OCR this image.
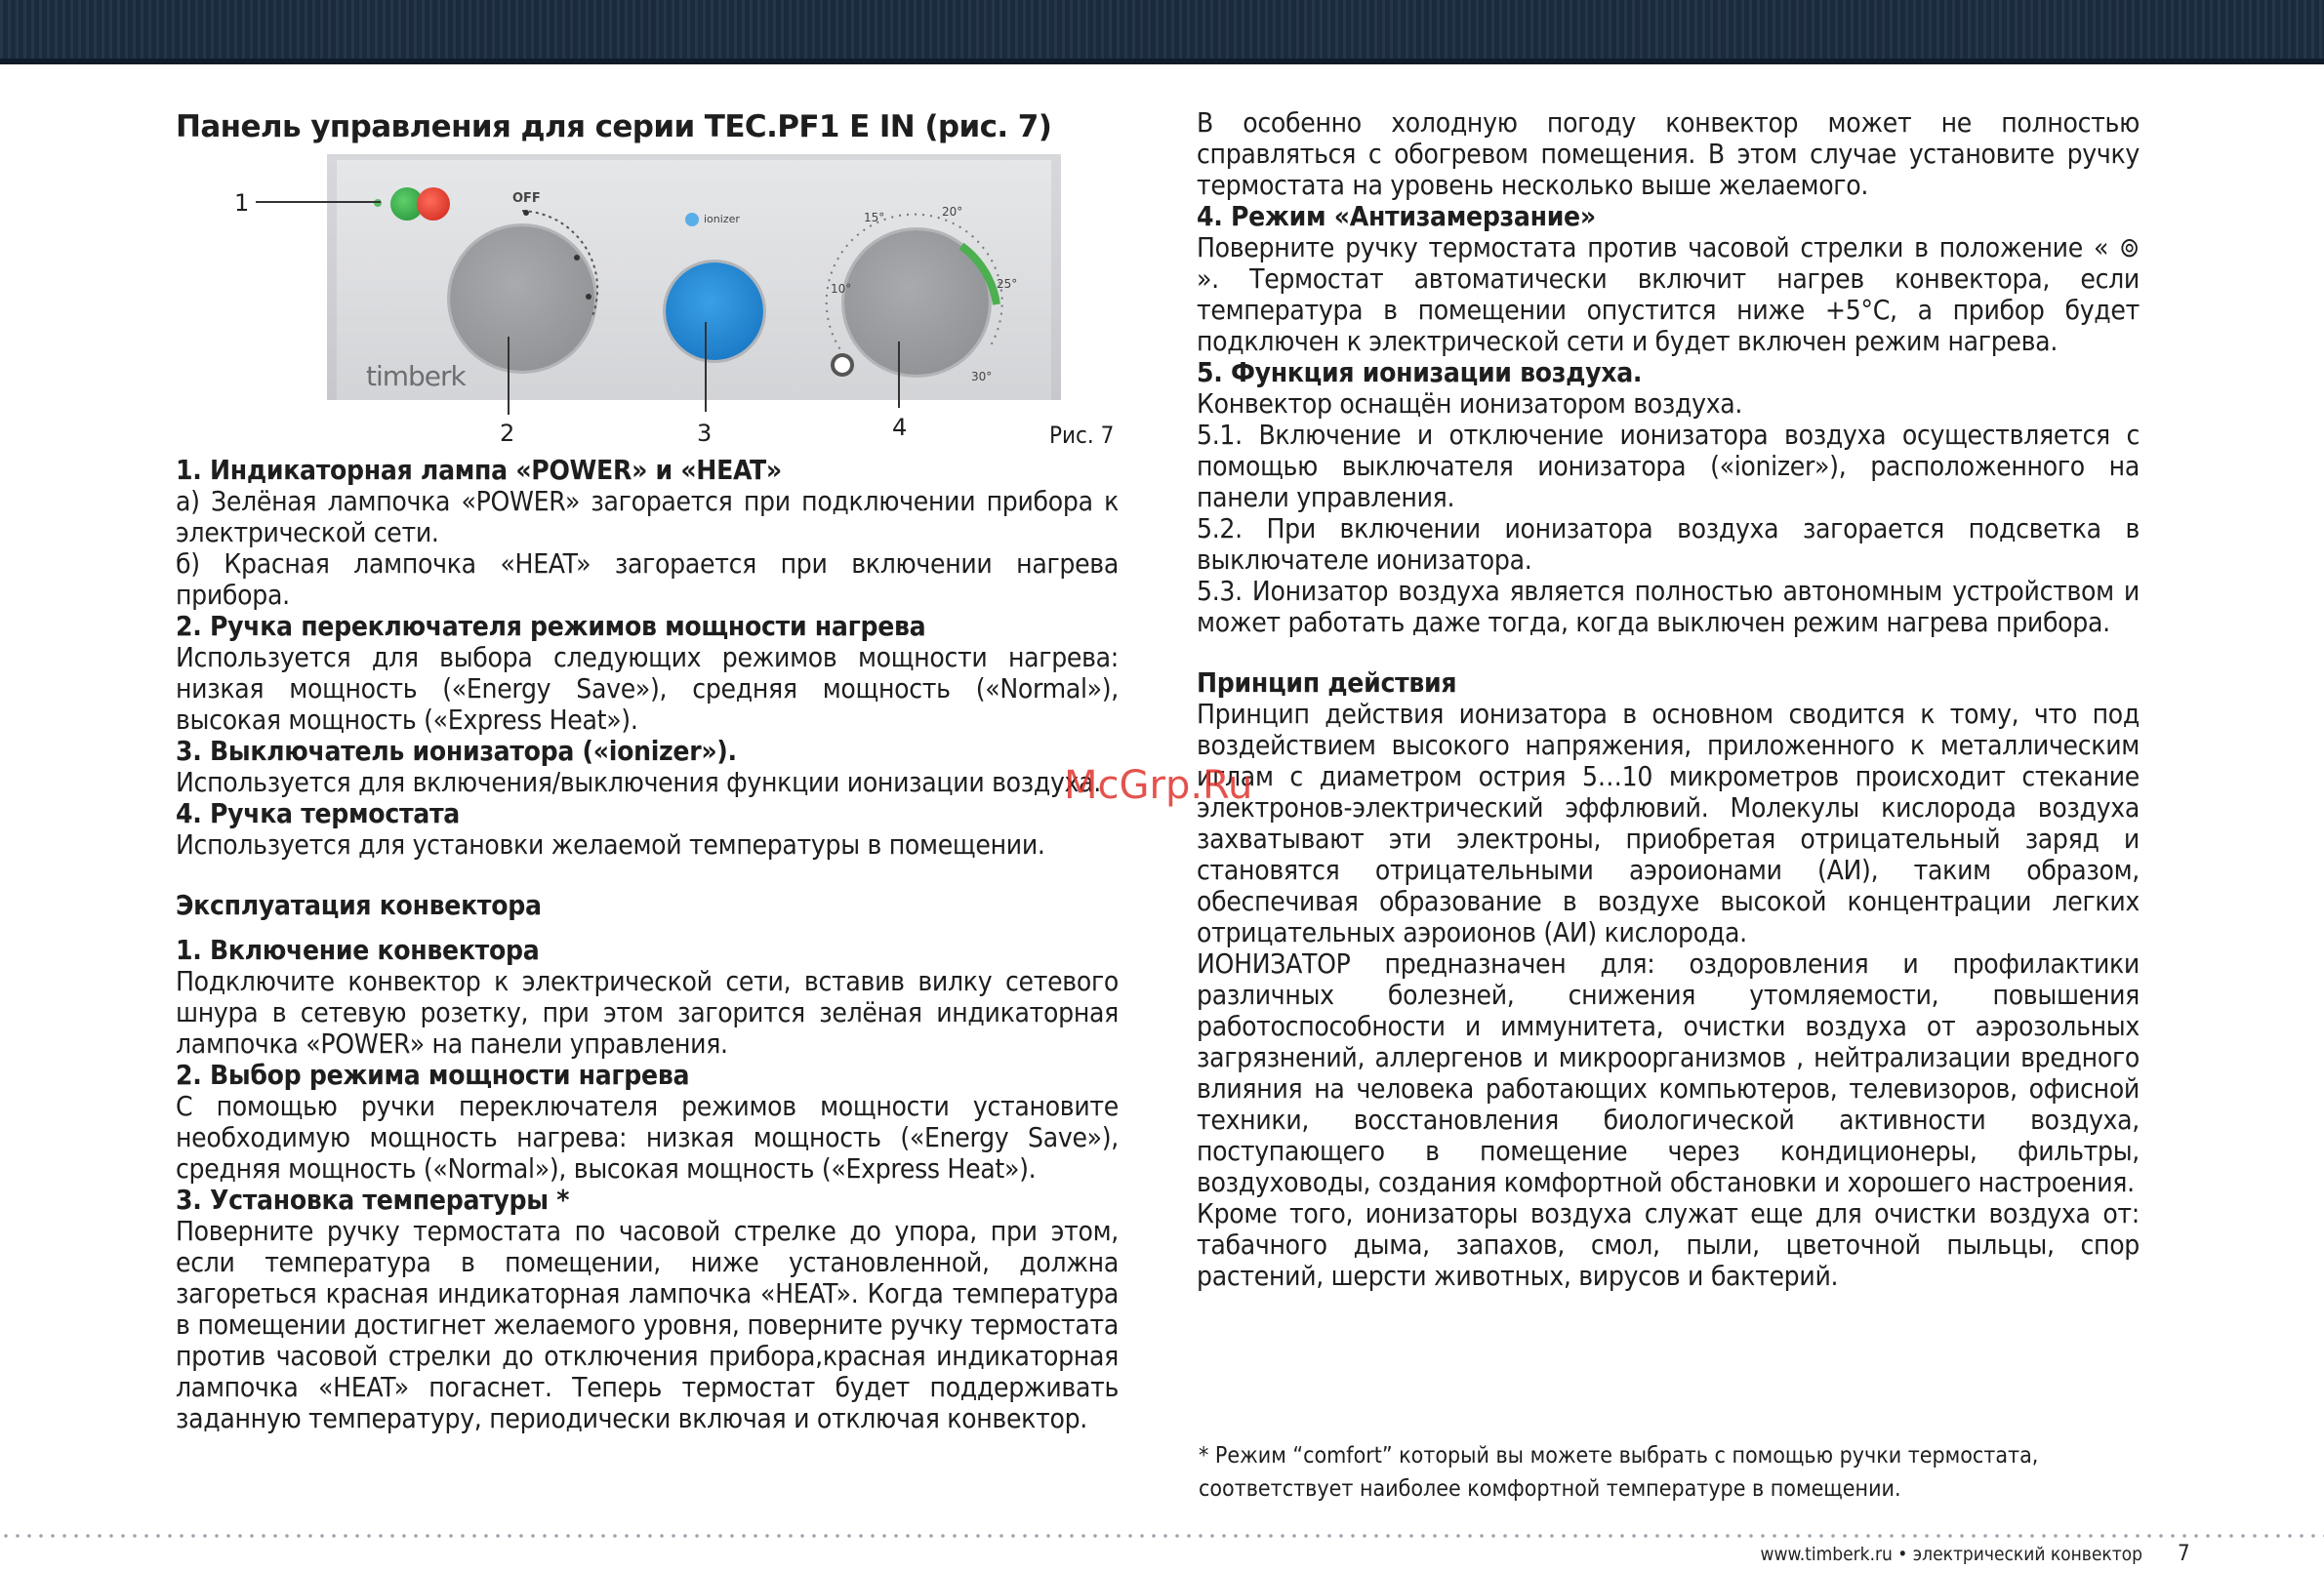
Панель управления для серии TEC.PF1 E IN (рис. 7)
OFF
ionizer
10°
15°	20°
25°
30°
timberk
1
2	3	4	Рис. 7

1. Индикаторная лампа «POWER» и «HEAT»

а) Зелёная лампочка «POWER» загорается при подключении прибора к электрической сети.

б) Красная лампочка «HEAT» загорается при включении нагрева прибора.

2. Ручка переключателя режимов мощности нагрева

Используется для выбора следующих режимов мощности нагрева: низкая мощность («Energy Save»), средняя мощность («Normal»), высокая мощность («Express Heat»).

3. Выключатель ионизатора («ionizer»).

Используется для включения/выключения функции ионизации воздуха.

4. Ручка термостата

Используется для установки желаемой температуры в помещении.

Эксплуатация конвектора

1. Включение конвектора

Подключите конвектор к электрической сети, вставив вилку сетевого шнура в сетевую розетку, при этом загорится зелёная индикаторная лампочка «POWER» на панели управления.

2. Выбор режима мощности нагрева

С помощью ручки переключателя режимов мощности установите необходимую мощность нагрева: низкая мощность («Energy Save»), средняя мощность («Normal»), высокая мощность («Express Heat»).

3. Установка температуры *

Поверните ручку термостата по часовой стрелке до упора, при этом, если температура в помещении, ниже установленной, должна загореться красная индикаторная лампочка «HEAT». Когда температура в помещении достигнет желаемого уровня, поверните ручку термостата против часовой стрелки до отключения прибора,красная индикаторная лампочка «HEAT» погаснет. Теперь термостат будет поддерживать заданную температуру, периодически включая и отключая конвектор.

В особенно холодную погоду конвектор может не полностью справляться с обогревом помещения. В этом случае установите ручку термостата на уровень несколько выше желаемого.

4. Режим «Антизамерзание»

Поверните ручку термостата против часовой стрелки в положение « ⊚ ». Термостат автоматически включит нагрев конвектора, если температура в помещении опустится ниже +5°С, а прибор будет подключен к электрической сети и будет включен режим нагрева.

5. Функция ионизации воздуха.

Конвектор оснащён ионизатором воздуха.

5.1. Включение и отключение ионизатора воздуха осуществляется с помощью выключателя ионизатора («ionizer»), расположенного на панели управления.

5.2. При включении ионизатора воздуха загорается подсветка в выключателе ионизатора.

5.3. Ионизатор воздуха является полностью автономным устройством и может работать даже тогда, когда выключен режим нагрева прибора.

Принцип действия

Принцип действия ионизатора в основном сводится к тому, что под воздействием высокого напряжения, приложенного к металлическим иглам с диаметром острия 5…10 микрометров происходит стекание электронов-электрический эффлювий. Молекулы кислорода воздуха захватывают эти электроны, приобретая отрицательный заряд и становятся отрицательными аэроионами (АИ), таким образом, обеспечивая образование в воздухе высокой концентрации легких отрицательных аэроионов (АИ) кислорода.

ИОНИЗАТОР предназначен для: оздоровления и профилактики различных болезней, снижения утомляемости, повышения работоспособности и иммунитета, очистки воздуха от аэрозольных загрязнений, аллергенов и микроорганизмов , нейтрализации вредного влияния на человека работающих компьютеров, телевизоров, офисной техники, восстановления биологической активности воздуха, поступающего в помещение через кондиционеры, фильтры, воздуховоды, создания комфортной обстановки и хорошего настроения.

Кроме того, ионизаторы воздуха служат еще для очистки воздуха от: табачного дыма, запахов, смол, пыли, цветочной пыльцы, спор растений, шерсти животных, вирусов и бактерий.

McGrp.Ru

* Режим “comfort” который вы можете выбрать с помощью ручки термостата,

соответствует наиболее комфортной температуре в помещении.

www.timberk.ru • электрический конвектор 7
